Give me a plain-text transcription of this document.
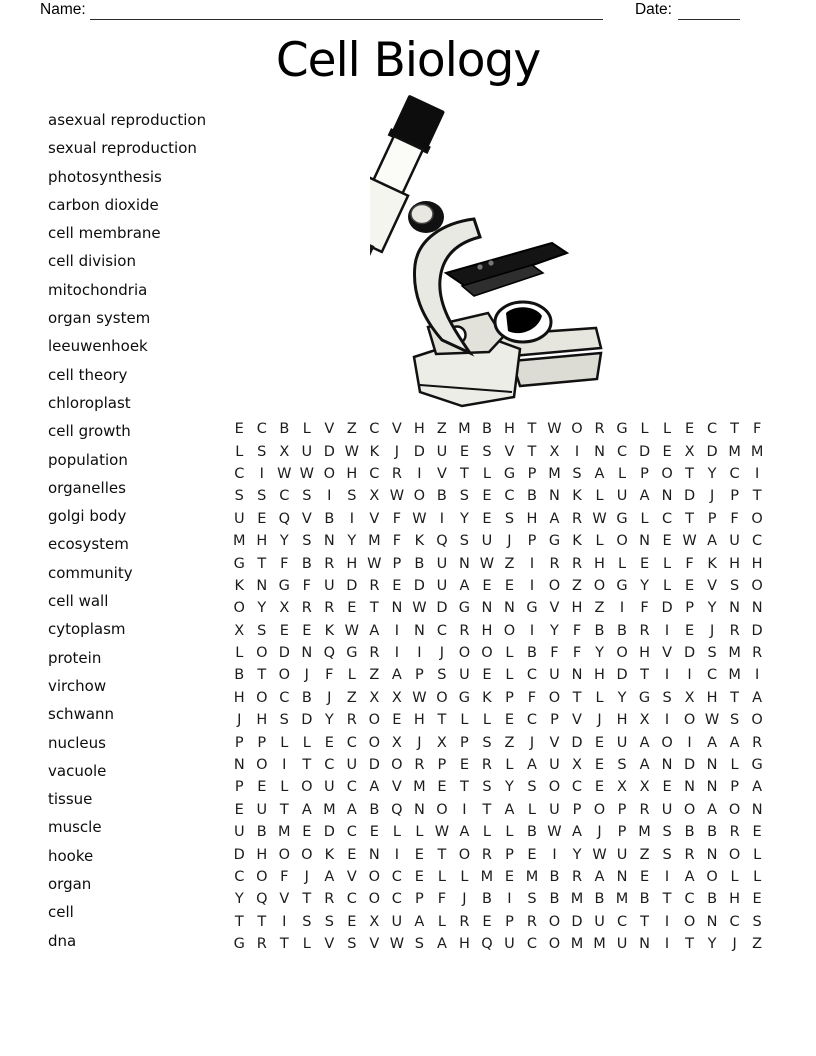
Name:	Date:
Cell Biology
asexual reproduction
sexual reproduction
photosynthesis
carbon dioxide
cell membrane
cell division
mitochondria
organ system
leeuwenhoek
cell theory
chloroplast
cell growth
population
organelles
golgi body
ecosystem
community
cell wall
cytoplasm
protein
virchow
schwann
nucleus
vacuole
tissue
muscle
hooke
organ
cell
dna
E C B L V Z C V H Z M B H T W O R G L L E C T F
L S X U D W K	J	D U E S V T X	I	N C D E X D M M
C	I W W O H C R	I	V T L G P M S A L P O T Y C	I
S S C S	I	S X W O B S E C B N K L U A N D	J	P T
U E Q V B	I	V F W I	Y E S H A R W G L C T P F O
M H Y S N Y M F K Q S U	J	P G K L O N E W A U C
G T F B R H W P B U N W Z	I	R R H L E L F K H H
K N G F U D R E D U A E E	I	O Z O G Y L E V S O
O Y X R R E T N W D G N N G V H Z	I	F D P Y N N
X S E E K W A	I	N C R H O	I	Y F B B R	I	E	J	R D
L O D N Q G R	I	I	J	O O L B F F Y O H V D S M R
B T O	J	F L Z A P S U E L C U N H D T	I	I	C M I
H O C B	J	Z X X W O G K P F O T L Y G S X H T A
J	H S D Y R O E H T L L E C P V	J	H X	I	O W S O
P P L L E C O X	J	X P S Z	J	V D E U A O	I	A A R
N O	I	T C U D O R P E R L A U X E S A N D N L G
P E L O U C A V M E T S Y S O C E X X E N N P A
E U T A M A B Q N O	I	T A L U P O P R U O A O N
U B M E D C E L L W A L L B W A	J	P M S B B R E
D H O O K E N	I	E T O R P E	I	Y W U Z S R N O L
C O F	J	A V O C E L L M E M B R A N E	I	A O L L
Y Q V T R C O C P F	J	B	I	S B M B M B T C B H E
T T	I	S S E X U A L R E P R O D U C T	I	O N C S
G R T L V S V W S A H Q U C O M M U N	I	T Y	J	Z
